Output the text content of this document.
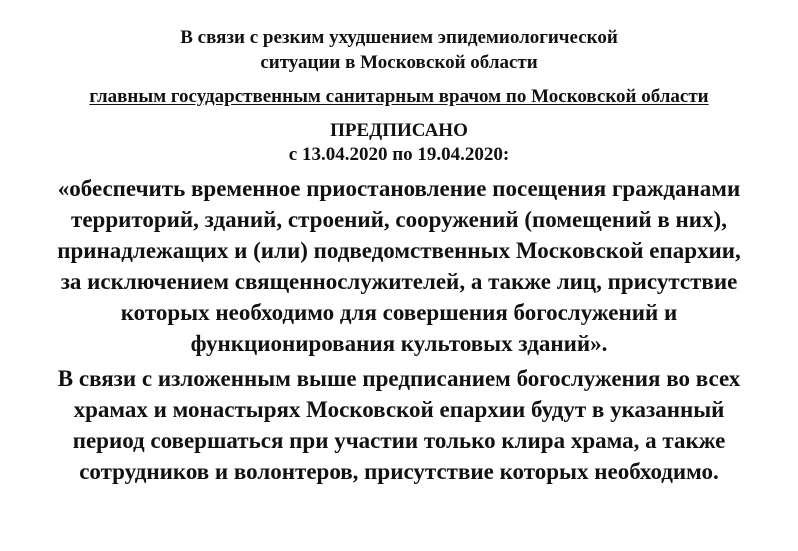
В связи с резким ухудшением эпидемиологической
ситуации в Московской области
главным государственным санитарным врачом по Московской области
ПРЕДПИСАНО
с 13.04.2020 по 19.04.2020:
«обеспечить временное приостановление посещения гражданами
территорий, зданий, строений, сооружений (помещений в них),
принадлежащих и (или) подведомственных Московской епархии,
за исключением священнослужителей, а также лиц, присутствие
которых необходимо для совершения богослужений и
функционирования культовых зданий».
В связи с изложенным выше предписанием богослужения во всех
храмах и монастырях Московской епархии будут в указанный
период совершаться при участии только клира храма, а также
сотрудников и волонтеров, присутствие которых необходимо.
